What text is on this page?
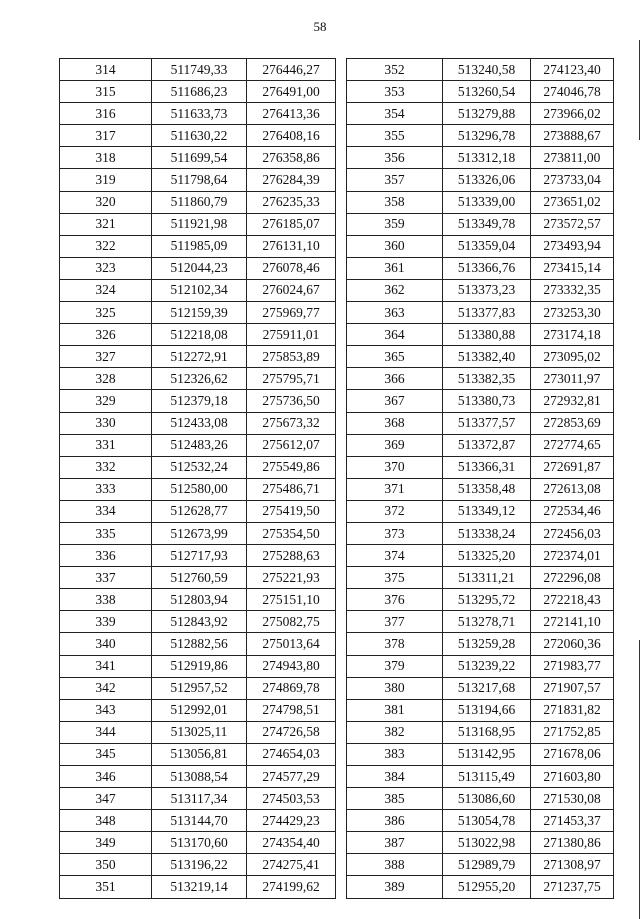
58
314	511749,33	276446,27
315	511686,23	276491,00
316	511633,73	276413,36
317	511630,22	276408,16
318	511699,54	276358,86
319	511798,64	276284,39
320	511860,79	276235,33
321	511921,98	276185,07
322	511985,09	276131,10
323	512044,23	276078,46
324	512102,34	276024,67
325	512159,39	275969,77
326	512218,08	275911,01
327	512272,91	275853,89
328	512326,62	275795,71
329	512379,18	275736,50
330	512433,08	275673,32
331	512483,26	275612,07
332	512532,24	275549,86
333	512580,00	275486,71
334	512628,77	275419,50
335	512673,99	275354,50
336	512717,93	275288,63
337	512760,59	275221,93
338	512803,94	275151,10
339	512843,92	275082,75
340	512882,56	275013,64
341	512919,86	274943,80
342	512957,52	274869,78
343	512992,01	274798,51
344	513025,11	274726,58
345	513056,81	274654,03
346	513088,54	274577,29
347	513117,34	274503,53
348	513144,70	274429,23
349	513170,60	274354,40
350	513196,22	274275,41
351	513219,14	274199,62
352	513240,58	274123,40
353	513260,54	274046,78
354	513279,88	273966,02
355	513296,78	273888,67
356	513312,18	273811,00
357	513326,06	273733,04
358	513339,00	273651,02
359	513349,78	273572,57
360	513359,04	273493,94
361	513366,76	273415,14
362	513373,23	273332,35
363	513377,83	273253,30
364	513380,88	273174,18
365	513382,40	273095,02
366	513382,35	273011,97
367	513380,73	272932,81
368	513377,57	272853,69
369	513372,87	272774,65
370	513366,31	272691,87
371	513358,48	272613,08
372	513349,12	272534,46
373	513338,24	272456,03
374	513325,20	272374,01
375	513311,21	272296,08
376	513295,72	272218,43
377	513278,71	272141,10
378	513259,28	272060,36
379	513239,22	271983,77
380	513217,68	271907,57
381	513194,66	271831,82
382	513168,95	271752,85
383	513142,95	271678,06
384	513115,49	271603,80
385	513086,60	271530,08
386	513054,78	271453,37
387	513022,98	271380,86
388	512989,79	271308,97
389	512955,20	271237,75
